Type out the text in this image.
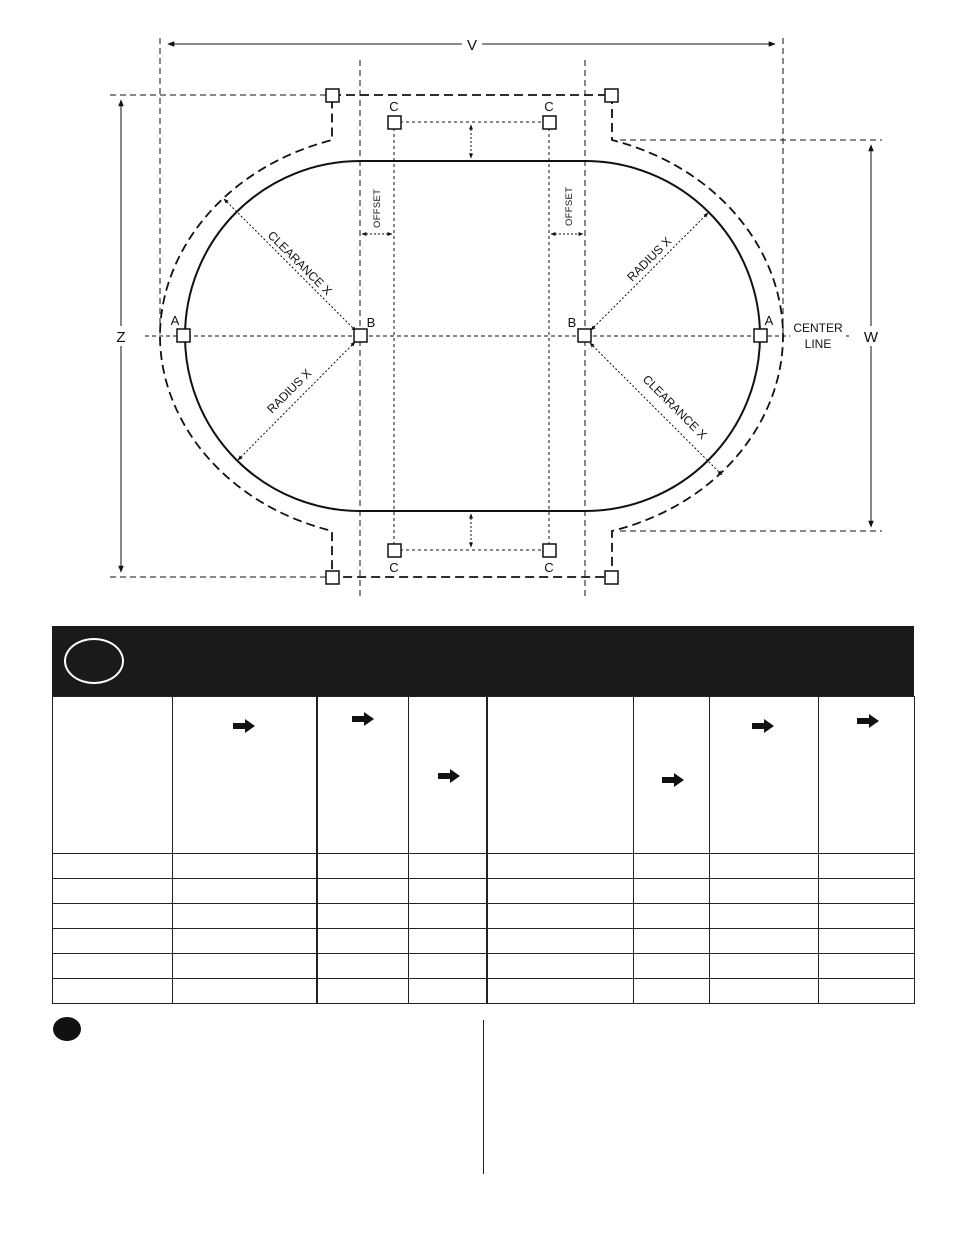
V
Z	W
A	A
B	B
C	C
C	C
OFFSET	OFFSET
CLEARANCE X
RADIUS X
RADIUS X
CLEARANCE X
CENTER
LINE
